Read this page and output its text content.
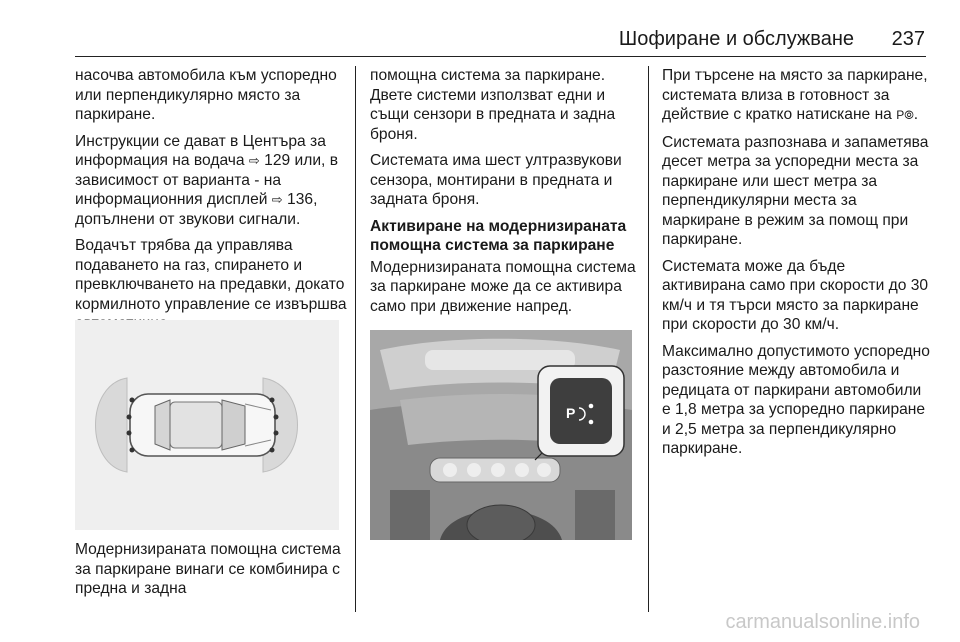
Шофиране и обслужване 237

насочва автомобила към успоредно или перпендикулярно място за паркиране.

Инструкции се дават в Центъра за информация на водача ⇨ 129 или, в зависимост от варианта - на информационния дисплей ⇨ 136, допълнени от звукови сигнали.

Водачът трябва да управлява подаването на газ, спирането и превключването на предавки, докато кормилното управление се извършва

Модернизираната помощна система за паркиране винаги се комбинира с предна и задна

помощна система за паркиране. Двете системи използват едни и същи сензори в предната и задна броня.

Системата има шест ултразвукови сензора, монтирани в предната и задната броня.

Активиране на модернизираната помощна система за паркиране

Модернизираната помощна система за паркиране може да се активира само при движение напред.

P

При търсене на място за паркиране, системата влиза в готовност за действие с кратко натискане на P⦾.

Системата разпознава и запаметява десет метра за успоредни места за паркиране или шест метра за перпендикулярни места за маркиране в режим за помощ при паркиране.

Системата може да бъде активирана само при скорости до 30 км/ч и тя търси място за паркиране при скорости до 30 км/ч.

Максимално допустимото успоредно разстояние между автомобила и редицата от паркирани автомобили е 1,8 метра за успоредно паркиране и 2,5 метра за перпендикулярно паркиране.

carmanualsonline.info
